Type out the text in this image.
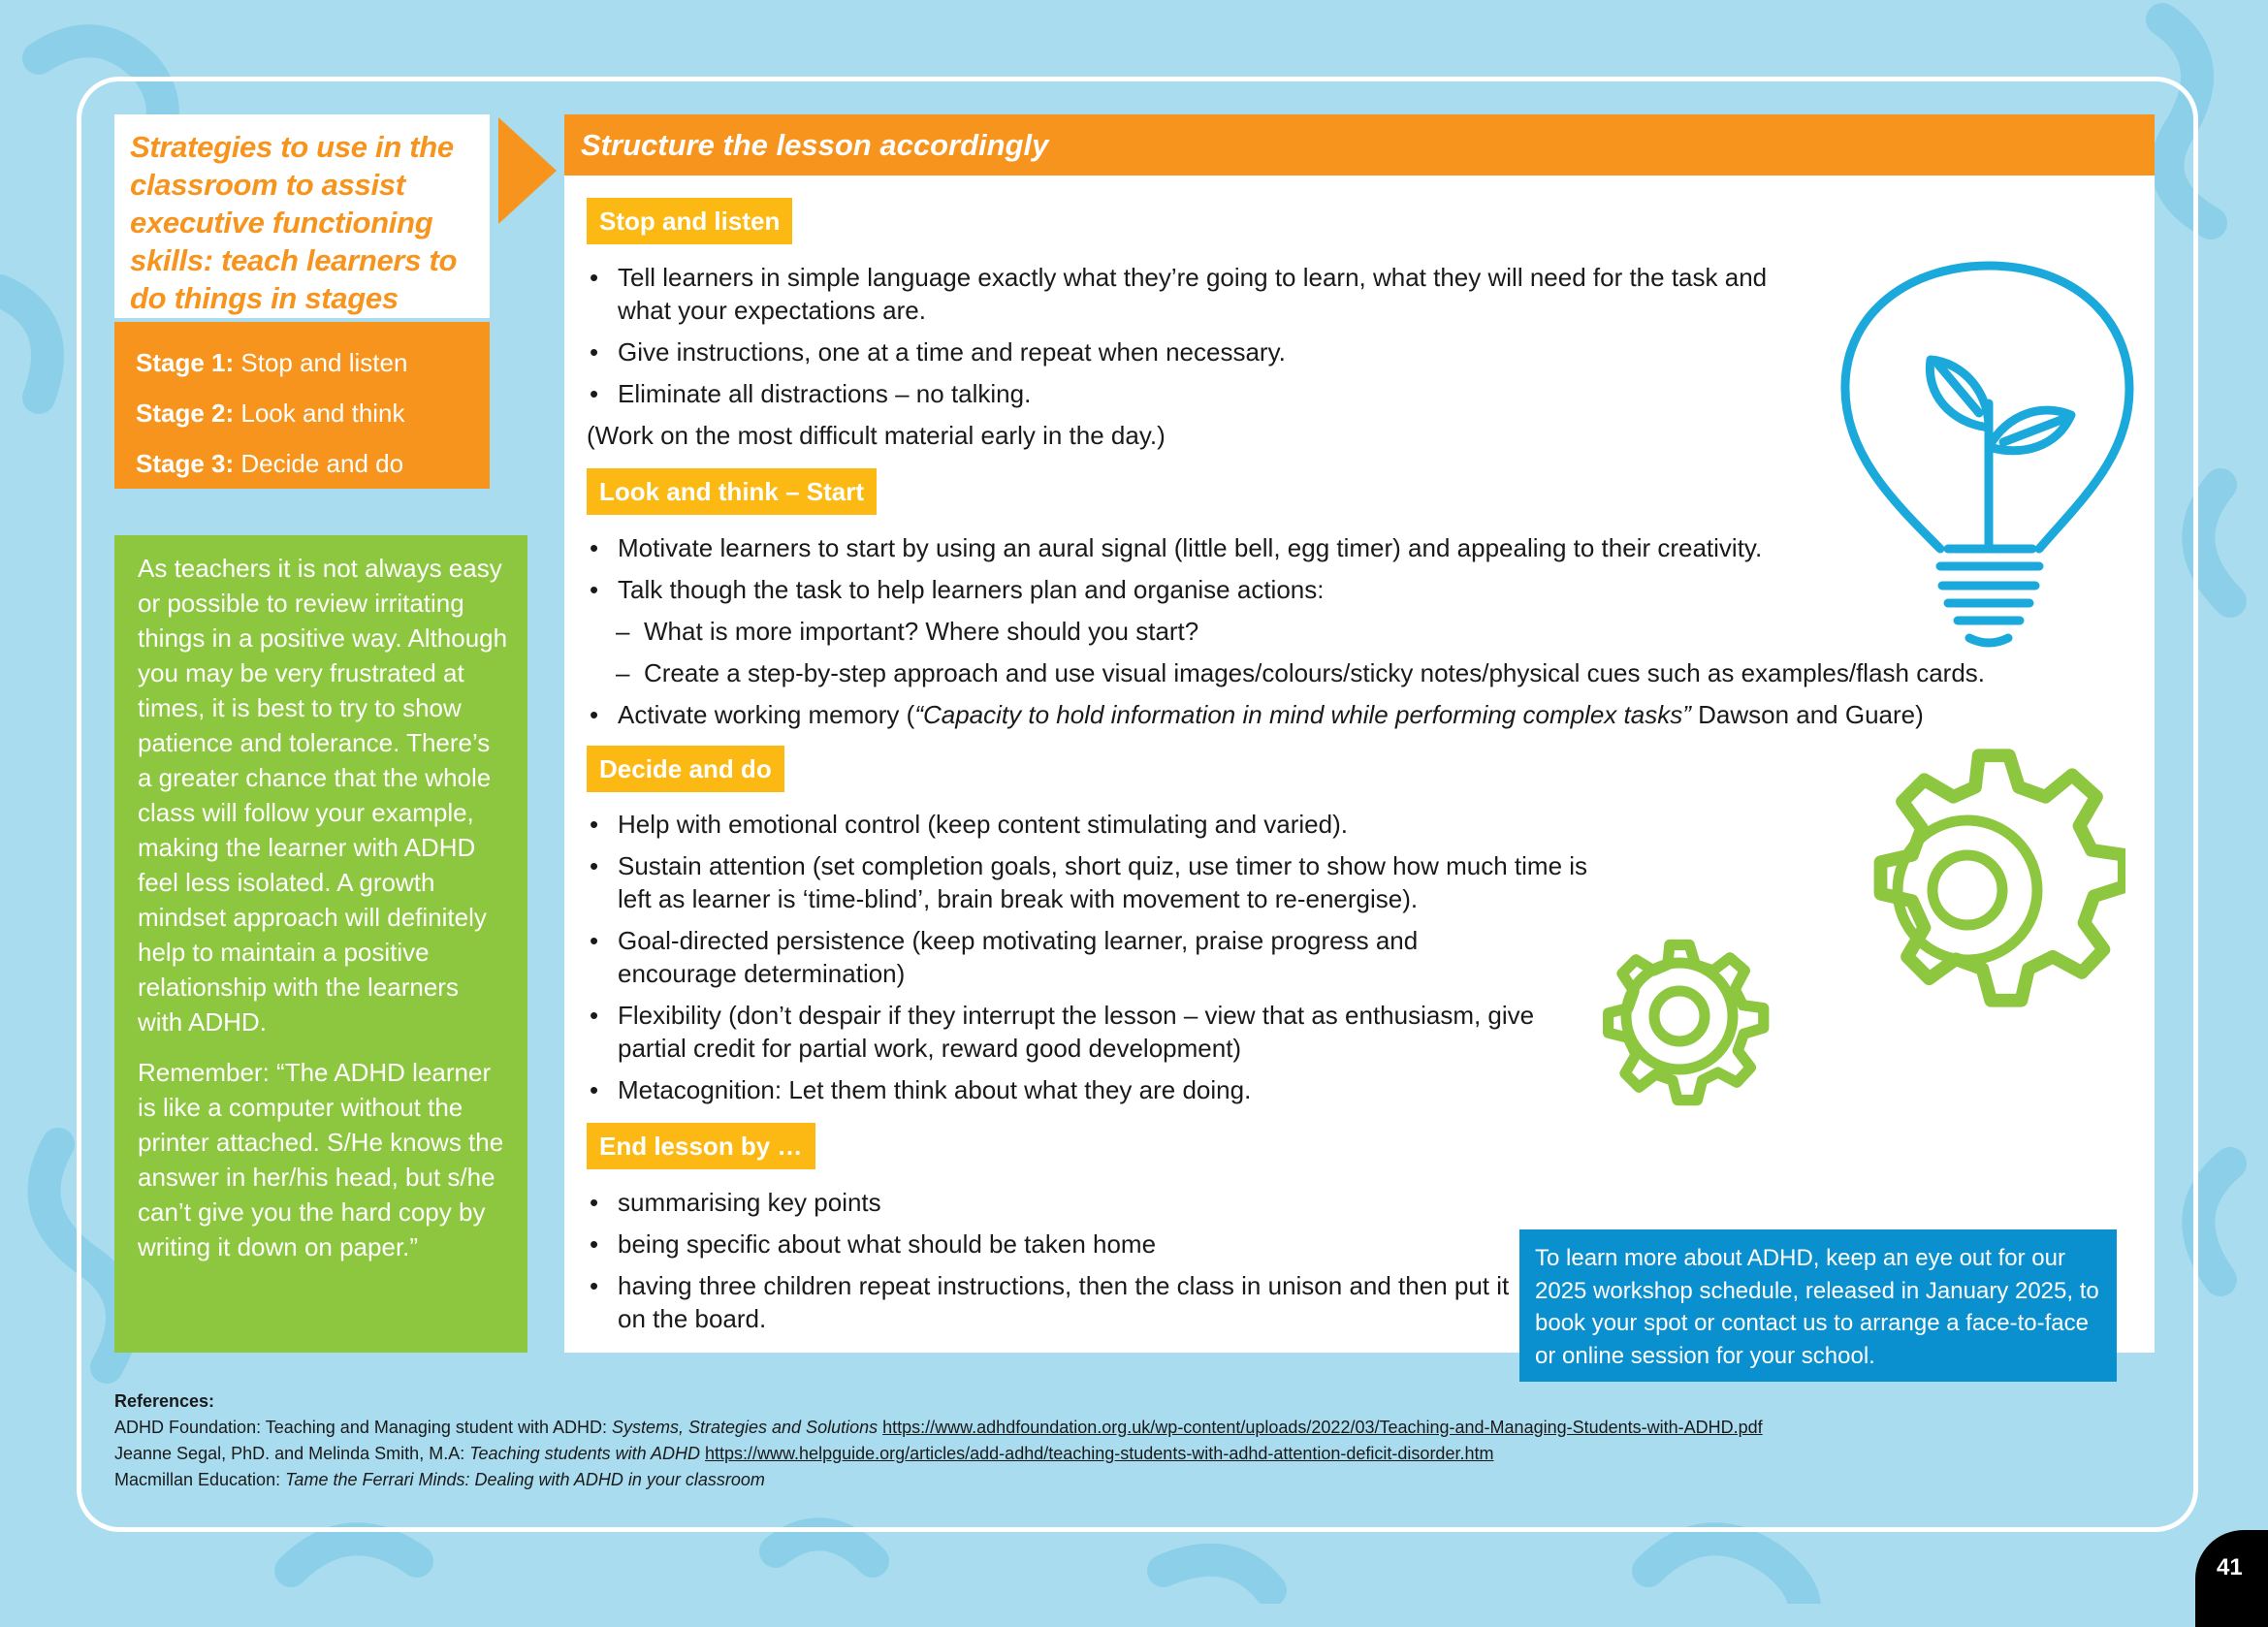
Strategies to use in the classroom to assist executive functioning skills: teach learners to do things in stages
Stage 1: Stop and listen
Stage 2: Look and think
Stage 3: Decide and do

As teachers it is not always easy or possible to review irritating things in a positive way. Although you may be very frustrated at times, it is best to try to show patience and tolerance. There’s a greater chance that the whole class will follow your example, making the learner with ADHD feel less isolated. A growth mindset approach will definitely help to maintain a positive relationship with the learners with ADHD.

Remember: “The ADHD learner is like a computer without the printer attached. S/He knows the answer in her/his head, but s/he can’t give you the hard copy by writing it down on paper.”

Structure the lesson accordingly
Stop and listen
• Tell learners in simple language exactly what they’re going to learn, what they will need for the task and what your expectations are.
• Give instructions, one at a time and repeat when necessary.
• Eliminate all distractions – no talking.
(Work on the most difficult material early in the day.)
Look and think – Start
• Motivate learners to start by using an aural signal (little bell, egg timer) and appealing to their creativity.
• Talk though the task to help learners plan and organise actions:
– What is more important? Where should you start?
– Create a step-by-step approach and use visual images/colours/sticky notes/physical cues such as examples/flash cards.
• Activate working memory (“Capacity to hold information in mind while performing complex tasks” Dawson and Guare)
Decide and do
• Help with emotional control (keep content stimulating and varied).
• Sustain attention (set completion goals, short quiz, use timer to show how much time is left as learner is ‘time-blind’, brain break with movement to re-energise).
• Goal-directed persistence (keep motivating learner, praise progress and encourage determination)
• Flexibility (don’t despair if they interrupt the lesson – view that as enthusiasm, give partial credit for partial work, reward good development)
• Metacognition: Let them think about what they are doing.
End lesson by …
• summarising key points
• being specific about what should be taken home
• having three children repeat instructions, then the class in unison and then put it on the board.
To learn more about ADHD, keep an eye out for our 2025 workshop schedule, released in January 2025, to book your spot or contact us to arrange a face-to-face or online session for your school.
References:
ADHD Foundation: Teaching and Managing student with ADHD: Systems, Strategies and Solutions https://www.adhdfoundation.org.uk/wp-content/uploads/2022/03/Teaching-and-Managing-Students-with-ADHD.pdf
Jeanne Segal, PhD. and Melinda Smith, M.A: Teaching students with ADHD https://www.helpguide.org/articles/add-adhd/teaching-students-with-adhd-attention-deficit-disorder.htm
Macmillan Education: Tame the Ferrari Minds: Dealing with ADHD in your classroom
41
